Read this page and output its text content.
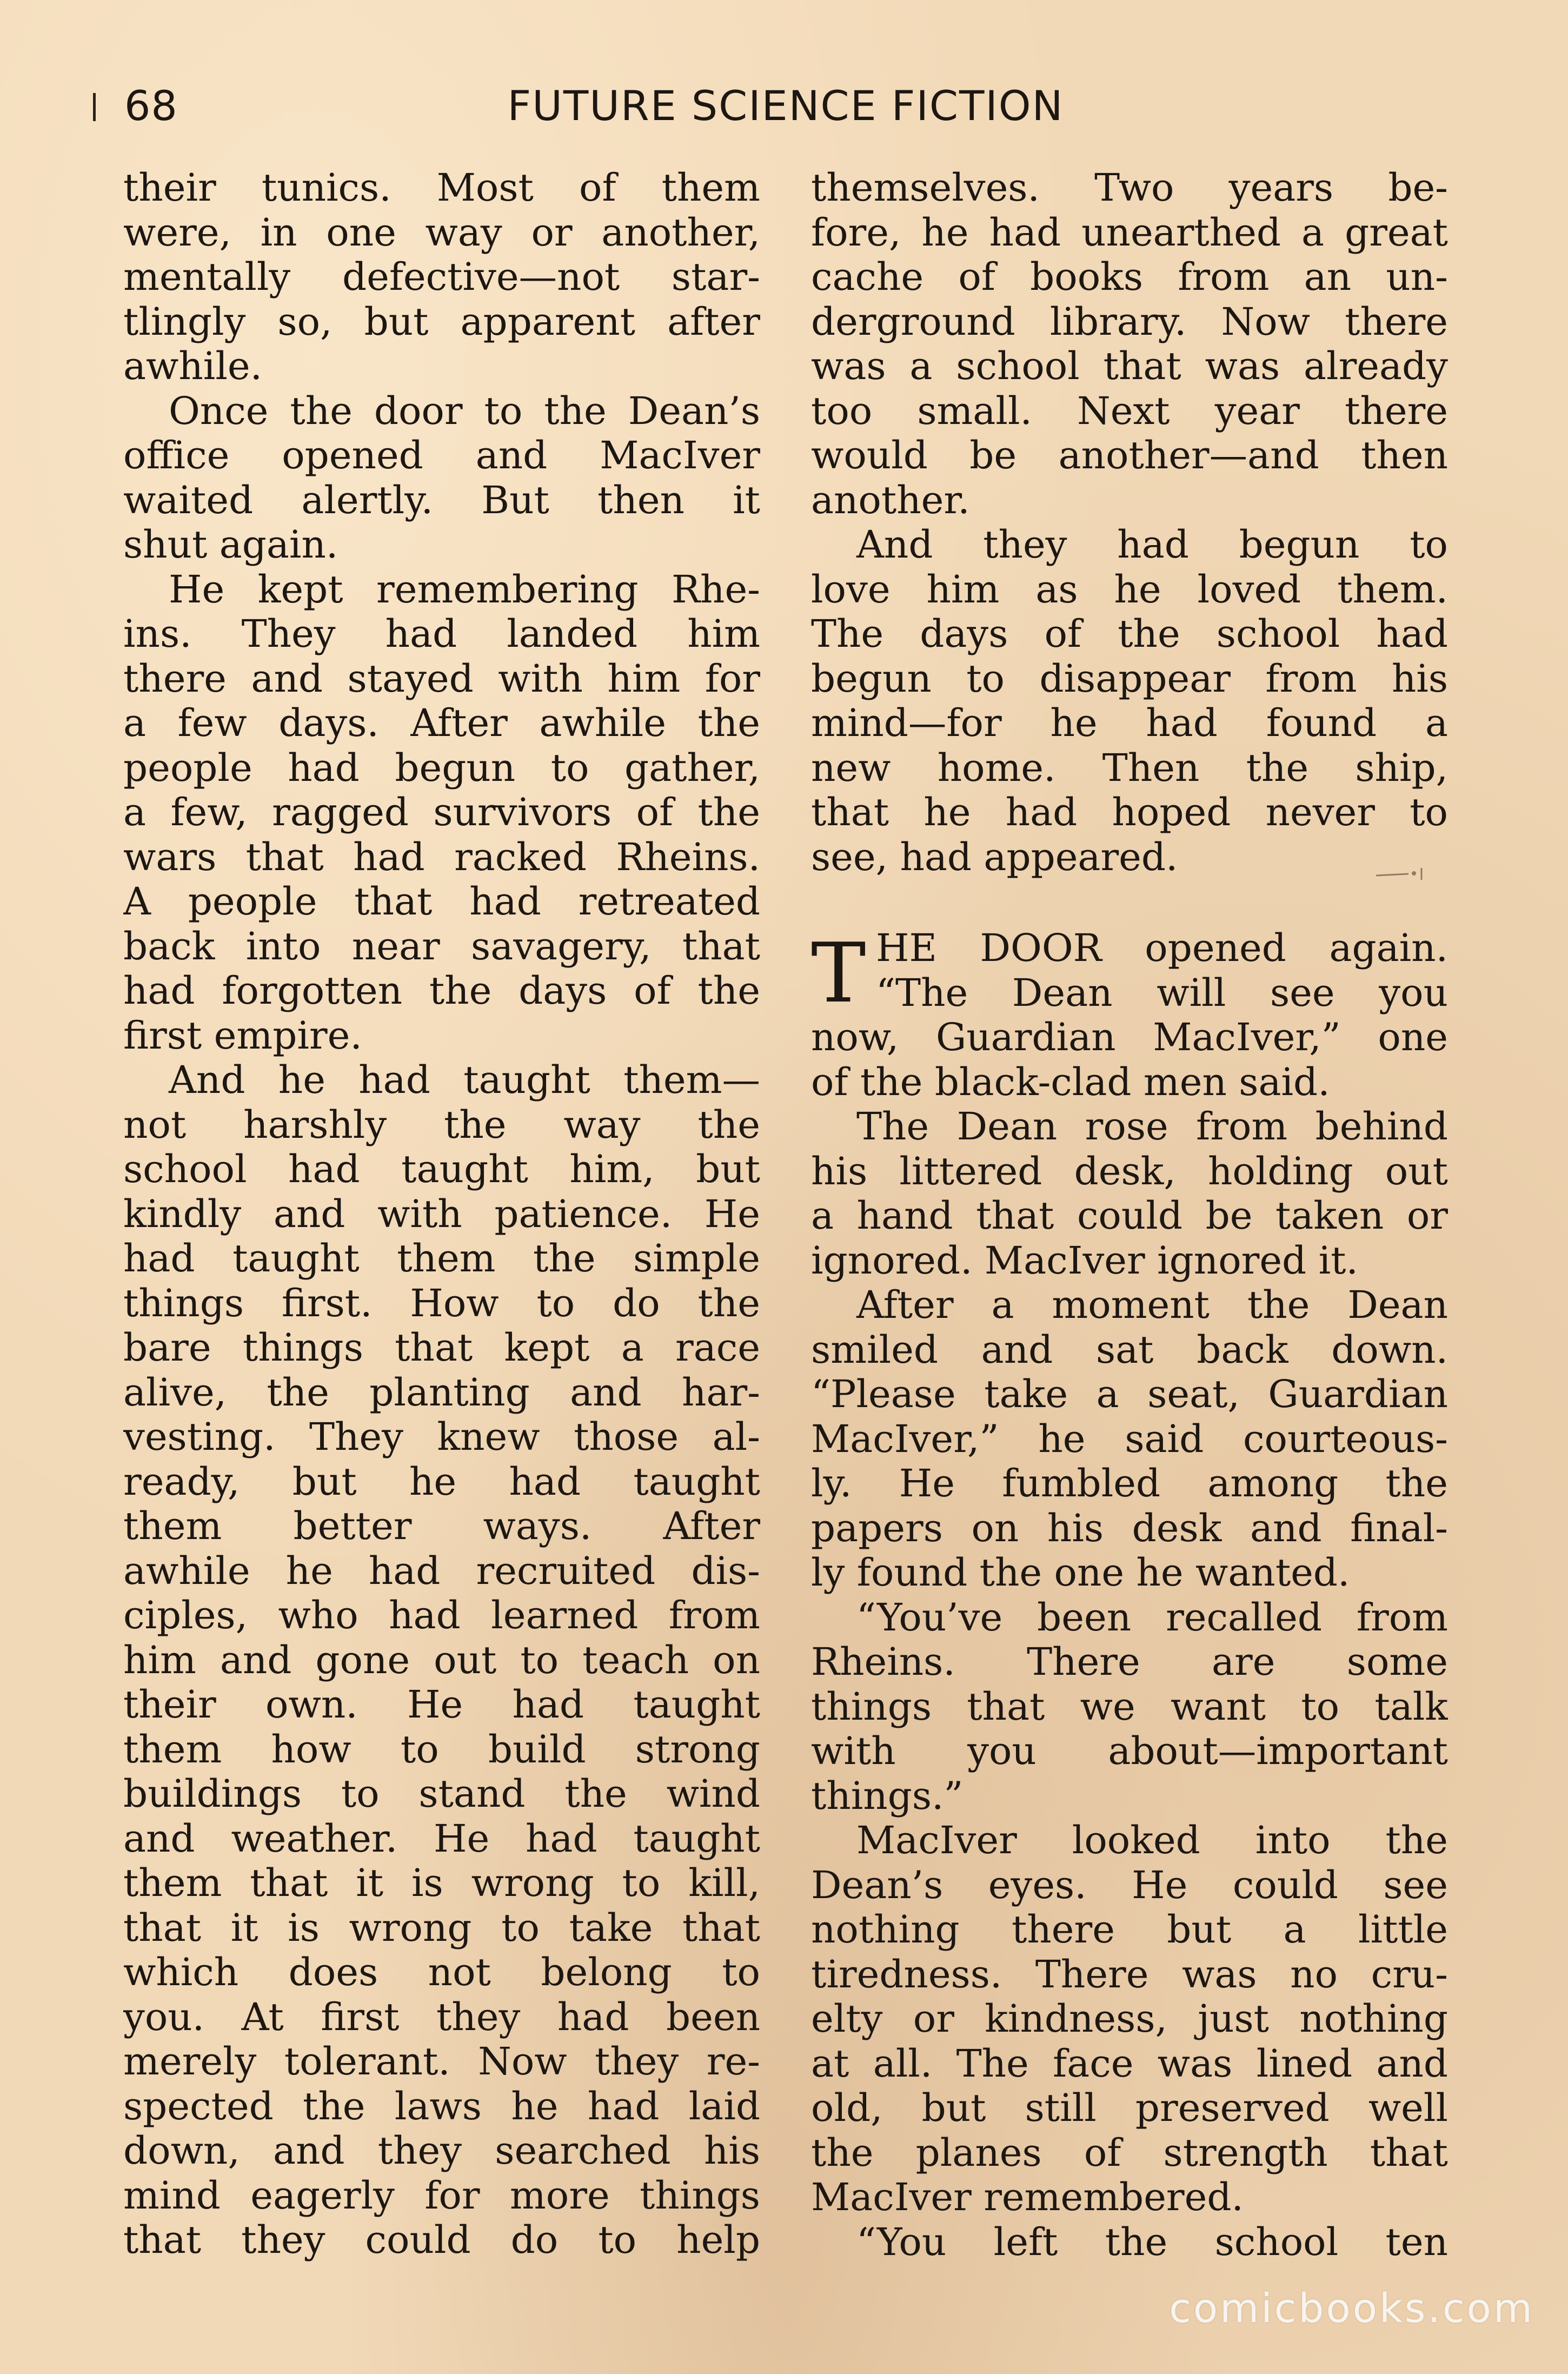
68	FUTURE SCIENCE FICTION
their tunics. Most of them
were, in one way or another,
mentally defective—not star-
tlingly so, but apparent after
awhile.
Once the door to the Dean’s
office opened and MacIver
waited alertly. But then it
shut again.
He kept remembering Rhe-
ins. They had landed him
there and stayed with him for
a few days. After awhile the
people had begun to gather,
a few, ragged survivors of the
wars that had racked Rheins.
A people that had retreated
back into near savagery, that
had forgotten the days of the
first empire.
And he had taught them—
not harshly the way the
school had taught him, but
kindly and with patience. He
had taught them the simple
things first. How to do the
bare things that kept a race
alive, the planting and har-
vesting. They knew those al-
ready, but he had taught
them better ways. After
awhile he had recruited dis-
ciples, who had learned from
him and gone out to teach on
their own. He had taught
them how to build strong
buildings to stand the wind
and weather. He had taught
them that it is wrong to kill,
that it is wrong to take that
which does not belong to
you. At first they had been
merely tolerant. Now they re-
spected the laws he had laid
down, and they searched his
mind eagerly for more things
that they could do to help
themselves. Two years be-
fore, he had unearthed a great
cache of books from an un-
derground library. Now there
was a school that was already
too small. Next year there
would be another—and then
another.
And they had begun to
love him as he loved them.
The days of the school had
begun to disappear from his
mind—for he had found a
new home. Then the ship,
that he had hoped never to
see, had appeared.
T HE DOOR opened again.
“The Dean will see you
now, Guardian MacIver,” one
of the black-clad men said.
The Dean rose from behind
his littered desk, holding out
a hand that could be taken or
ignored. MacIver ignored it.
After a moment the Dean
smiled and sat back down.
“Please take a seat, Guardian
MacIver,” he said courteous-
ly. He fumbled among the
papers on his desk and final-
ly found the one he wanted.
“You’ve been recalled from
Rheins. There are some
things that we want to talk
with you about—important
things.”
MacIver looked into the
Dean’s eyes. He could see
nothing there but a little
tiredness. There was no cru-
elty or kindness, just nothing
at all. The face was lined and
old, but still preserved well
the planes of strength that
MacIver remembered.
“You left the school ten
comicbooks.com
